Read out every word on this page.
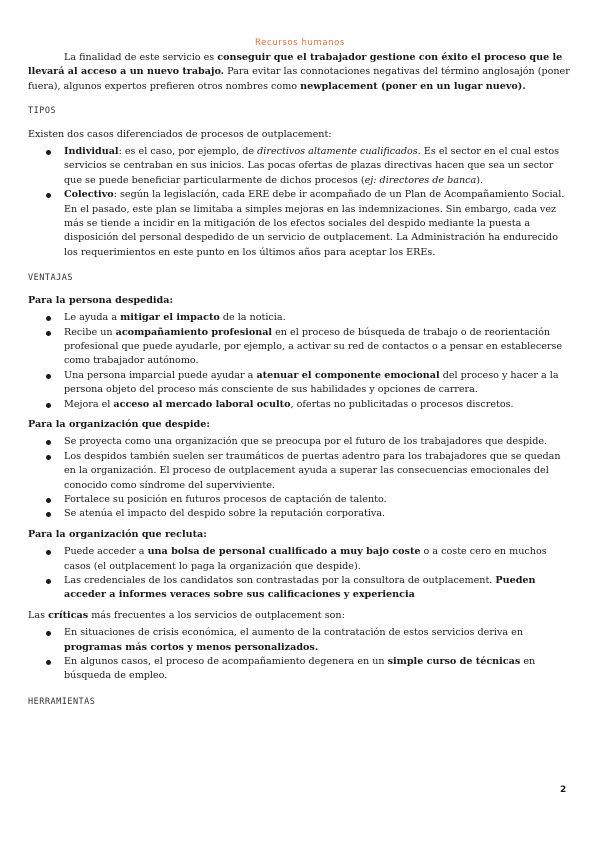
Recursos humanos

La finalidad de este servicio es conseguir que el trabajador gestione con éxito el proceso que le llevará al acceso a un nuevo trabajo. Para evitar las connotaciones negativas del término anglosajón (poner fuera), algunos expertos prefieren otros nombres como newplacement (poner en un lugar nuevo).

TIPOS

Existen dos casos diferenciados de procesos de outplacement:

Individual: es el caso, por ejemplo, de directivos altamente cualificados. Es el sector en el cual estos servicios se centraban en sus inicios. Las pocas ofertas de plazas directivas hacen que sea un sector que se puede beneficiar particularmente de dichos procesos (ej: directores de banca).
Colectivo: según la legislación, cada ERE debe ir acompañado de un Plan de Acompañamiento Social. En el pasado, este plan se limitaba a simples mejoras en las indemnizaciones. Sin embargo, cada vez más se tiende a incidir en la mitigación de los efectos sociales del despido mediante la puesta a disposición del personal despedido de un servicio de outplacement. La Administración ha endurecido los requerimientos en este punto en los últimos años para aceptar los EREs.

VENTAJAS

Para la persona despedida:

Le ayuda a mitigar el impacto de la noticia.
Recibe un acompañamiento profesional en el proceso de búsqueda de trabajo o de reorientación profesional que puede ayudarle, por ejemplo, a activar su red de contactos o a pensar en establecerse como trabajador autónomo.
Una persona imparcial puede ayudar a atenuar el componente emocional del proceso y hacer a la persona objeto del proceso más consciente de sus habilidades y opciones de carrera.
Mejora el acceso al mercado laboral oculto, ofertas no publicitadas o procesos discretos.

Para la organización que despide:

Se proyecta como una organización que se preocupa por el futuro de los trabajadores que despide.
Los despidos también suelen ser traumáticos de puertas adentro para los trabajadores que se quedan en la organización. El proceso de outplacement ayuda a superar las consecuencias emocionales del conocido como síndrome del superviviente.
Fortalece su posición en futuros procesos de captación de talento.
Se atenúa el impacto del despido sobre la reputación corporativa.

Para la organización que recluta:

Puede acceder a una bolsa de personal cualificado a muy bajo coste o a coste cero en muchos casos (el outplacement lo paga la organización que despide).
Las credenciales de los candidatos son contrastadas por la consultora de outplacement. Pueden acceder a informes veraces sobre sus calificaciones y experiencia

Las críticas más frecuentes a los servicios de outplacement son:

En situaciones de crisis económica, el aumento de la contratación de estos servicios deriva en programas más cortos y menos personalizados.
En algunos casos, el proceso de acompañamiento degenera en un simple curso de técnicas en búsqueda de empleo.

HERRAMIENTAS

2
